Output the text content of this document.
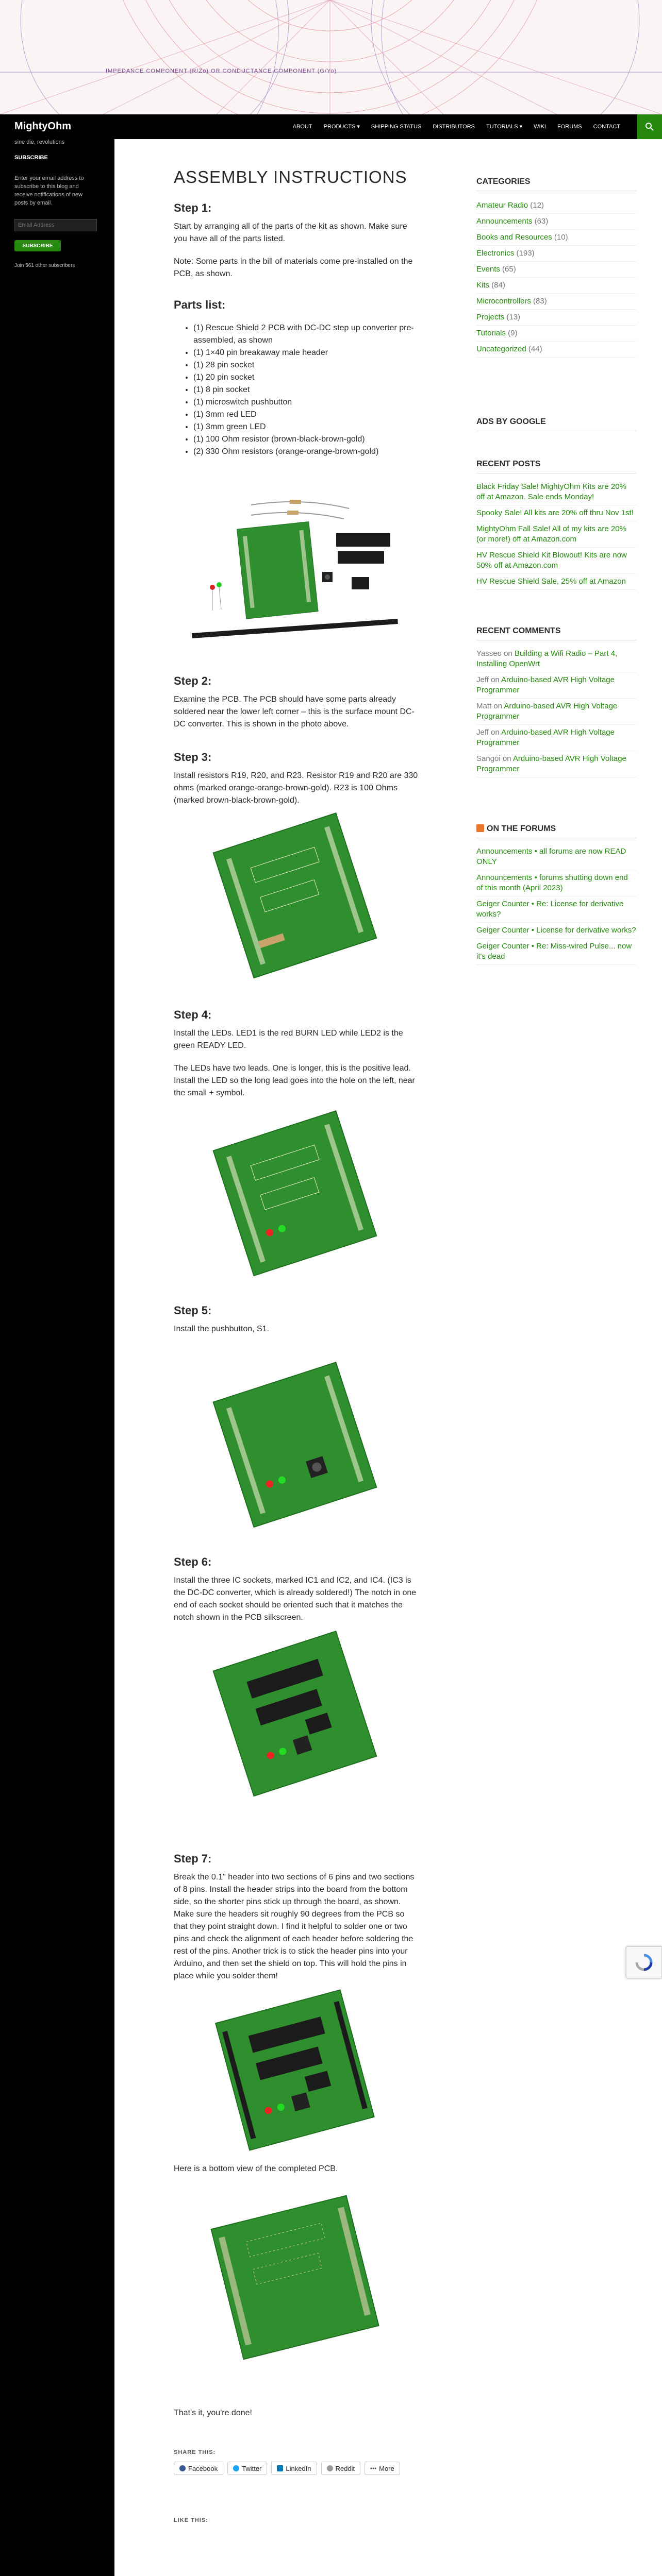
IMPEDANCE COMPONENT (R/Zo) OR CONDUCTANCE COMPONENT (G/Yo)
MightyOhm	ABOUT	PRODUCTS ▾	SHIPPING STATUS	DISTRIBUTORS	TUTORIALS ▾	WIKI	FORUMS	CONTACT
sine die, revolutions
SUBSCRIBE
Enter your email address to subscribe to this blog and receive notifications of new posts by email.
Email Address
SUBSCRIBE
Join 561 other subscribers
ASSEMBLY INSTRUCTIONS
Step 1:

Start by arranging all of the parts of the kit as shown. Make sure you have all of the parts listed.

Note: Some parts in the bill of materials come pre-installed on the PCB, as shown.

Parts list:
• (1) Rescue Shield 2 PCB with DC-DC step up converter pre-assembled, as shown
• (1) 1×40 pin breakaway male header
• (1) 28 pin socket
• (1) 20 pin socket
• (1) 8 pin socket
• (1) microswitch pushbutton
• (1) 3mm red LED
• (1) 3mm green LED
• (1) 100 Ohm resistor (brown-black-brown-gold)
• (2) 330 Ohm resistors (orange-orange-brown-gold)
Step 2:

Examine the PCB. The PCB should have some parts already soldered near the lower left corner – this is the surface mount DC-DC converter. This is shown in the photo above.

Step 3:

Install resistors R19, R20, and R23. Resistor R19 and R20 are 330 ohms (marked orange-orange-brown-gold). R23 is 100 Ohms (marked brown-black-brown-gold).

Step 4:

Install the LEDs. LED1 is the red BURN LED while LED2 is the green READY LED.

The LEDs have two leads. One is longer, this is the positive lead. Install the LED so the long lead goes into the hole on the left, near the small + symbol.

Step 5:

Install the pushbutton, S1.

Step 6:

Install the three IC sockets, marked IC1 and IC2, and IC4. (IC3 is the DC-DC converter, which is already soldered!) The notch in one end of each socket should be oriented such that it matches the notch shown in the PCB silkscreen.

Step 7:

Break the 0.1" header into two sections of 6 pins and two sections of 8 pins. Install the header strips into the board from the bottom side, so the shorter pins stick up through the board, as shown. Make sure the headers sit roughly 90 degrees from the PCB so that they point straight down. I find it helpful to solder one or two pins and check the alignment of each header before soldering the rest of the pins. Another trick is to stick the header pins into your Arduino, and then set the shield on top. This will hold the pins in place while you solder them!

Here is a bottom view of the completed PCB.

That's it, you're done!

SHARE THIS:
Facebook	Twitter	LinkedIn	Reddit	More
LIKE THIS:
CATEGORIES
Amateur Radio (12)
Announcements (63)
Books and Resources (10)
Electronics (193)
Events (65)
Kits (84)
Microcontrollers (83)
Projects (13)
Tutorials (9)
Uncategorized (44)
ADS BY GOOGLE
RECENT POSTS
Black Friday Sale! MightyOhm Kits are 20% off at Amazon. Sale ends Monday!
Spooky Sale! All kits are 20% off thru Nov 1st!
MightyOhm Fall Sale! All of my kits are 20% (or more!) off at Amazon.com
HV Rescue Shield Kit Blowout! Kits are now 50% off at Amazon.com
HV Rescue Shield Sale, 25% off at Amazon
RECENT COMMENTS
Yasseo on Building a Wifi Radio – Part 4, Installing OpenWrt
Jeff on Arduino-based AVR High Voltage Programmer
Matt on Arduino-based AVR High Voltage Programmer
Jeff on Arduino-based AVR High Voltage Programmer
Sangoi on Arduino-based AVR High Voltage Programmer
ON THE FORUMS
Announcements • all forums are now READ ONLY
Announcements • forums shutting down end of this month (April 2023)
Geiger Counter • Re: License for derivative works?
Geiger Counter • License for derivative works?
Geiger Counter • Re: Miss-wired Pulse... now it's dead
